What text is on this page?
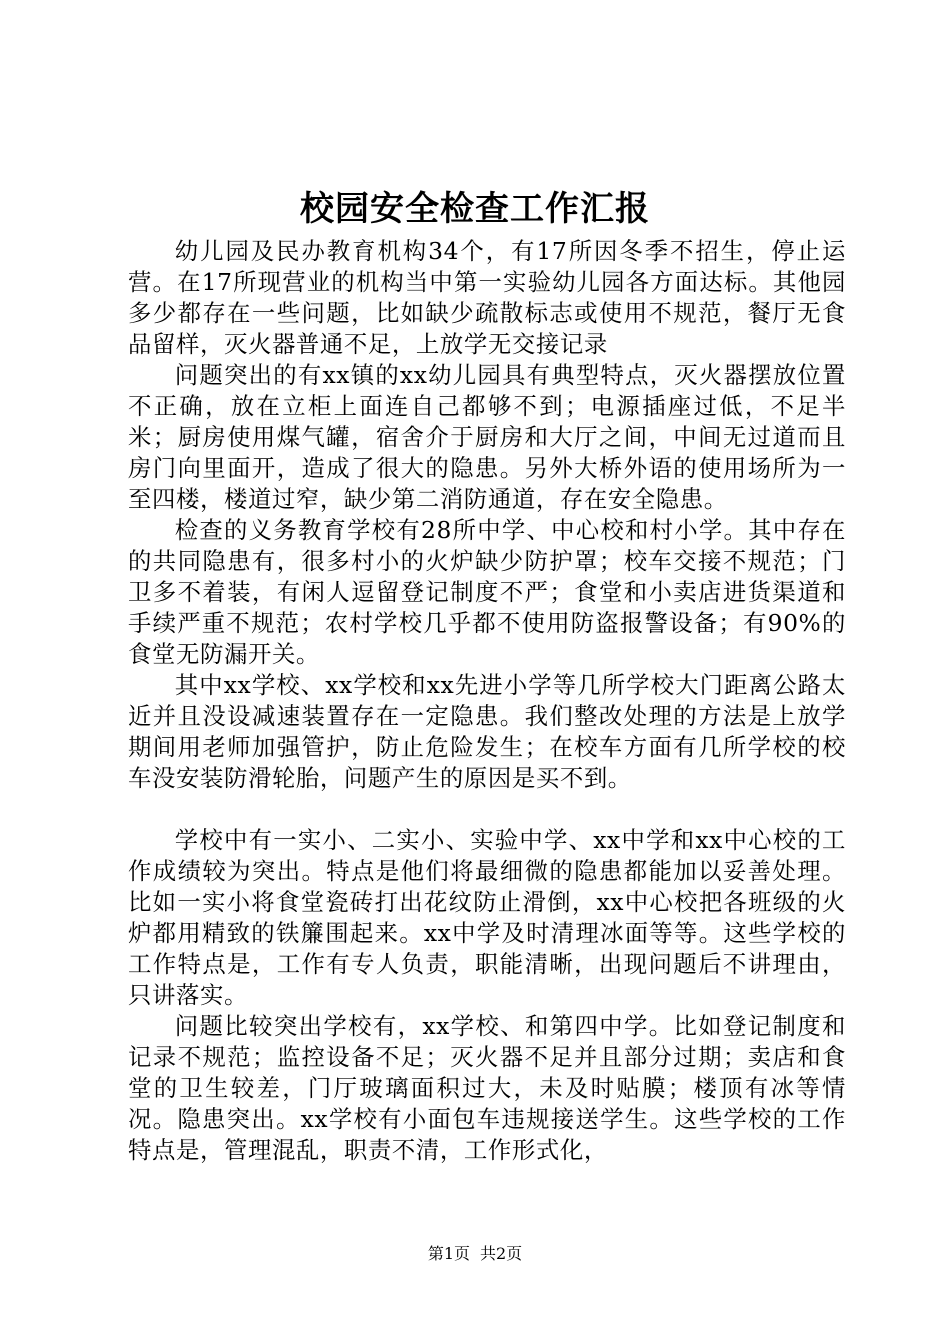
校园安全检查工作汇报

幼儿园及民办教育机构34个，有17所因冬季不招生，停止运营。在17所现营业的机构当中第一实验幼儿园各方面达标。其他园多少都存在一些问题，比如缺少疏散标志或使用不规范，餐厅无食品留样，灭火器普通不足，上放学无交接记录

问题突出的有xx镇的xx幼儿园具有典型特点，灭火器摆放位置不正确，放在立柜上面连自己都够不到；电源插座过低，不足半米；厨房使用煤气罐，宿舍介于厨房和大厅之间，中间无过道而且房门向里面开，造成了很大的隐患。另外大桥外语的使用场所为一至四楼，楼道过窄，缺少第二消防通道，存在安全隐患。

检查的义务教育学校有28所中学、中心校和村小学。其中存在的共同隐患有，很多村小的火炉缺少防护罩；校车交接不规范；门卫多不着装，有闲人逗留登记制度不严；食堂和小卖店进货渠道和手续严重不规范；农村学校几乎都不使用防盗报警设备；有90%的食堂无防漏开关。

其中xx学校、xx学校和xx先进小学等几所学校大门距离公路太近并且没设减速装置存在一定隐患。我们整改处理的方法是上放学期间用老师加强管护，防止危险发生；在校车方面有几所学校的校车没安装防滑轮胎，问题产生的原因是买不到。

学校中有一实小、二实小、实验中学、xx中学和xx中心校的工作成绩较为突出。特点是他们将最细微的隐患都能加以妥善处理。比如一实小将食堂瓷砖打出花纹防止滑倒，xx中心校把各班级的火炉都用精致的铁簾围起来。xx中学及时清理冰面等等。这些学校的工作特点是，工作有专人负责，职能清晰，出现问题后不讲理由，只讲落实。

问题比较突出学校有，xx学校、和第四中学。比如登记制度和记录不规范；监控设备不足；灭火器不足并且部分过期；卖店和食堂的卫生较差，门厅玻璃面积过大，未及时贴膜；楼顶有冰等情况。隐患突出。xx学校有小面包车违规接送学生。这些学校的工作特点是，管理混乱，职责不清，工作形式化，

第1页 共2页
